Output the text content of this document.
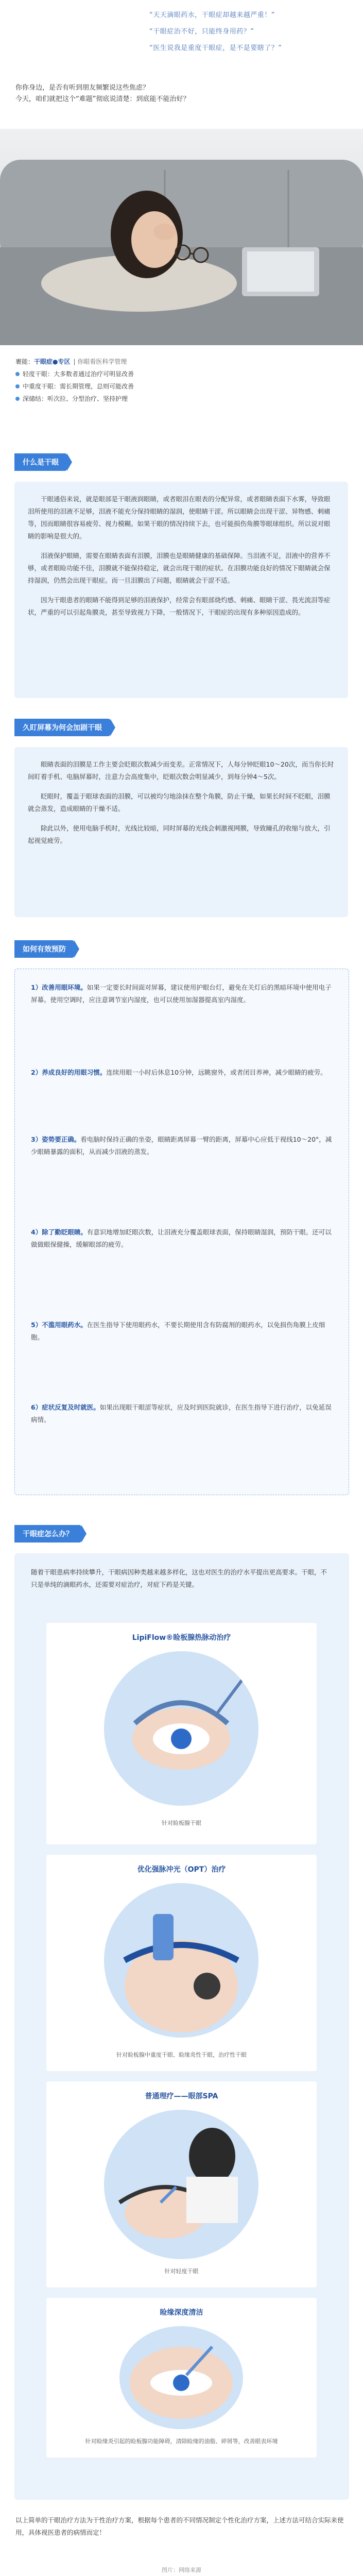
“天天滴眼药水，干眼症却越来越严重！”
“干眼症治不好，只能终身用药？”
“医生说我是重度干眼症，是不是要瞎了？”
你你身边，是否有听到朋友频繁说这些焦虑？
今天，咱们就把这个“难题”彻底说清楚：到底能不能治好？
裹能： 干眼症●专区 | 你眼看医科学管理
轻度干眼：大多数者通过治疗可明显改善
中重度干眼：需长期管理，总则可能改善
深储结：听次拉、分型治疗、坚持护理
什么是干眼

干眼通俗来说，就是眼部是干眼液润眼睛，或者眼泪在眼表的分配异常，或者眼睛表面下水雾，导致眼泪所使用的泪液不足够，泪液不能充分保持眼睛的湿润，使眼睛干涩。所以眼睛会出现干涩、异物感、刺痛等，因而眼睛很容易疲劳、视力模糊。如果干眼的情况持续下去，也可能损伤角膜等眼球组织。所以说对眼睛的影响是很大的。

泪液保护眼睛，需要在眼睛表面有泪膜，泪膜也是眼睛健康的基础保障。当泪液不足，泪液中的营养不够，或者眼睑功能不佳，泪膜就不能保持稳定，就会出现干眼的症状。在泪膜功能良好的情况下眼睛就会保持湿润，仍然会出现干眼症。而一旦泪膜出了问题，眼睛就会干涩不适。

因为干眼患者的眼睛不能得到足够的泪液保护，经常会有眼部烧灼感、刺痛、眼睛干涩、畏光流泪等症状，严重的可以引起角膜炎，甚至导致视力下降，一般情况下，干眼症的出现有多种原因造成的。

久盯屏幕为何会加剧干眼

眼睛表面的泪膜是工作主要会眨眼次数减少而变差。正常情况下，人每分钟眨眼10～20次，而当你长时间盯着手机、电脑屏幕时，注意力会高度集中，眨眼次数会明显减少，到每分钟4～5次。

眨眼时，覆盖于眼球表面的泪膜，可以被均匀地涂抹在整个角膜，防止干燥，如果长时间不眨眼，泪膜就会蒸发，造成眼睛的干燥不适。

除此以外，使用电脑手机时，光线比较暗，同时屏幕的光线会刺激视网膜，导致瞳孔的收缩与放大，引起视觉疲劳。

如何有效预防
1）改善用眼环境。如果一定要长时间面对屏幕，建议使用护眼台灯，避免在关灯后的黑暗环境中使用电子屏幕。使用空调时，应注意调节室内湿度，也可以使用加湿器提高室内湿度。
2）养成良好的用眼习惯。连续用眼一小时后休息10分钟，远眺窗外，或者闭目养神，减少眼睛的疲劳。
3）姿势要正确。看电脑时保持正确的坐姿，眼睛距离屏幕一臂的距离，屏幕中心应低于视线10～20°，减少眼睛暴露的面积，从而减少泪液的蒸发。
4）除了勤眨眼睛。有意识地增加眨眼次数，让泪液充分覆盖眼球表面，保持眼睛湿润，预防干眼。还可以做做眼保健操，缓解眼部的疲劳。
5）不滥用眼药水。在医生指导下使用眼药水，不要长期使用含有防腐剂的眼药水，以免损伤角膜上皮细胞。
6）症状反复及时就医。如果出现眼干眼涩等症状，应及时到医院就诊，在医生指导下进行治疗，以免延误病情。
干眼症怎么办？
随着干眼患病率持续攀升，干眼病因种类越来越多样化，这也对医生的治疗水平提出更高要求。干眼，不只是单纯的滴眼药水，还需要对症治疗，对症下药是关键。
LipiFlow®睑板腺热脉动治疗
针对睑板腺干眼
优化强脉冲光（OPT）治疗
针对睑板腺中重度干眼、睑缘炎性干眼，治疗性干眼
普通理疗——眼部SPA
针对轻度干眼
睑缘深度清洁
针对睑缘炎引起的睑板腺功能障碍，清除睑缘的油脂、碎屑等，改善眼表环境
以上简单的干眼治疗方法为干性治疗方案，根据每个患者的不同情况制定个性化治疗方案，上述方法可结合实际来使用，具体视医患者的病情而定！
图片：网络来源
